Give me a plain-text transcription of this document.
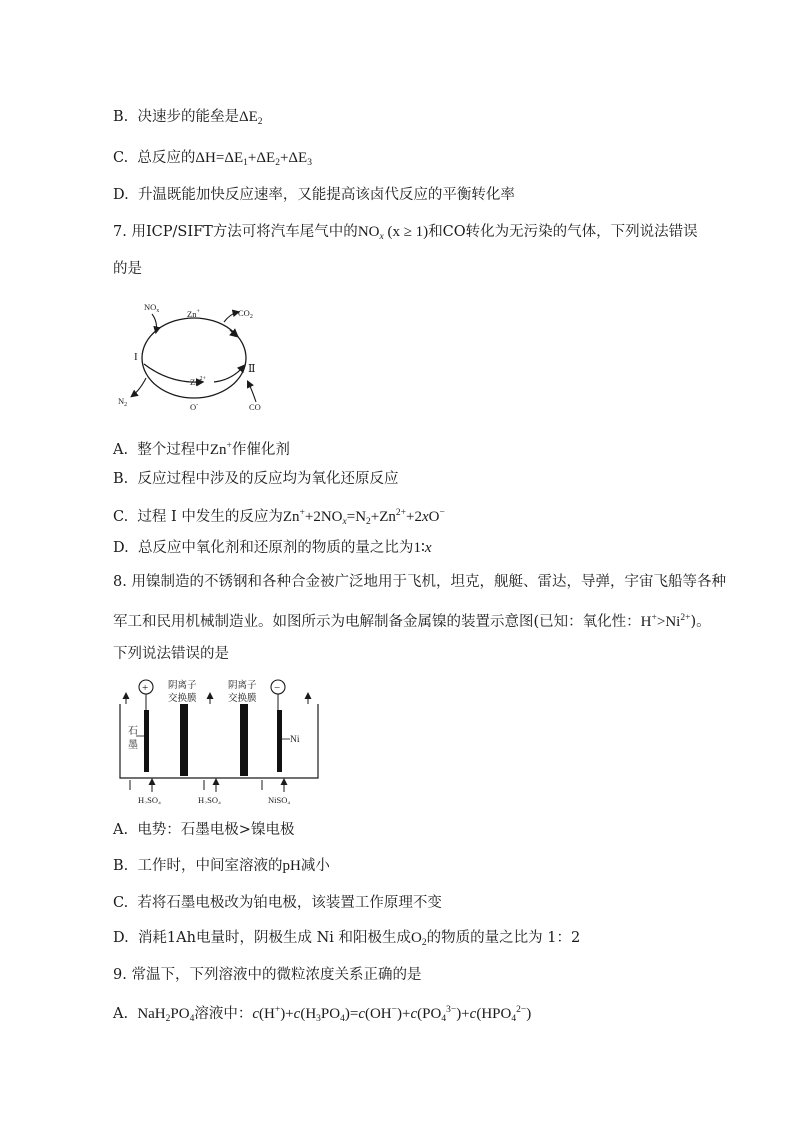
B. 决速步的能垒是$\Delta E_2$
C. 总反应的$\Delta H=\Delta E_1+\Delta E_2+\Delta E_3$
D. 升温既能加快反应速率，又能提高该卤代反应的平衡转化率
7. 用ICP/SIFT方法可将汽车尾气中的$NO_x$ (x ≥ 1)和CO转化为无污染的气体，下列说法错误
的是
$NO_x$	Zn+	$CO_2$
I
Ⅱ
$Zn^{2+}$
$N_2$	O-	CO
A. 整个过程中Zn+作催化剂
B. 反应过程中涉及的反应均为氧化还原反应
C. 过程 I 中发生的反应为$Zn^++2NO_x=N_2+Zn^{2+}+2xO^-$
D. 总反应中氧化剂和还原剂的物质的量之比为1∶x
8. 用镍制造的不锈钢和各种合金被广泛地用于飞机，坦克，舰艇、雷达，导弹，宇宙飞船等各种
军工和民用机械制造业。如图所示为电解制备金属镍的装置示意图(已知：氧化性：$H^+>Ni^{2+}$)。
下列说法错误的是
+	−
阴离子
交换膜
阴离子
交换膜
石
墨	Ni
H₂SO₄	H₂SO₄	NiSO₄
A. 电势：石墨电极>镍电极
B. 工作时，中间室溶液的pH减小
C. 若将石墨电极改为铂电极，该装置工作原理不变
D. 消耗1Ah电量时，阴极生成 Ni 和阳极生成$O_2$的物质的量之比为 1：2
9. 常温下，下列溶液中的微粒浓度关系正确的是
A. $NaH_2PO_4$溶液中：$c(H^+)+c(H_3PO_4)=c(OH^-)+c(PO_4^{3-})+c(HPO_4^{2-})$
